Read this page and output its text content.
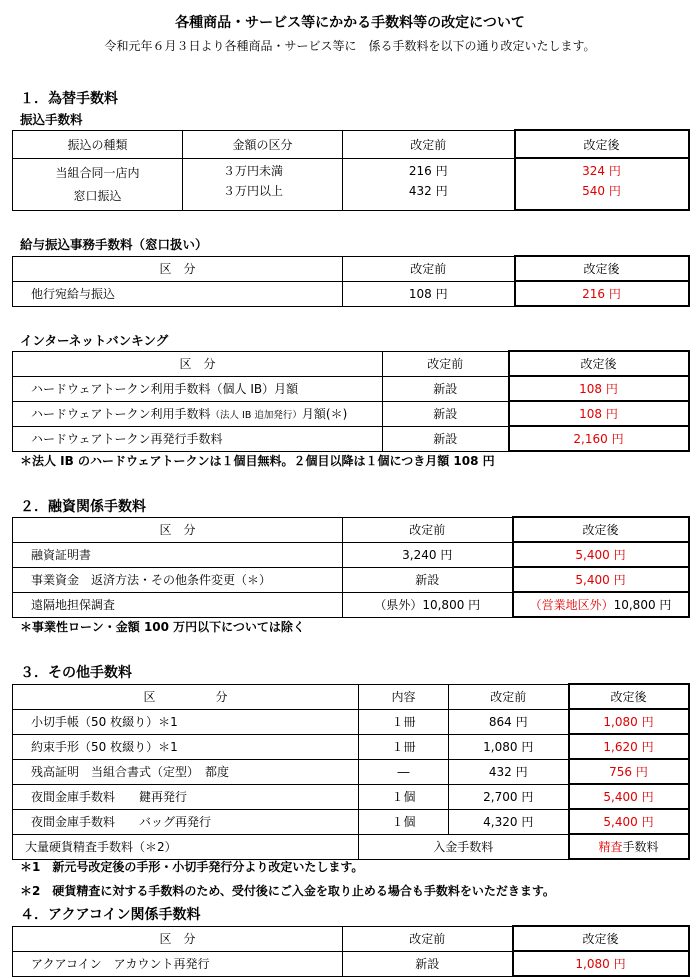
各種商品・サービス等にかかる手数料等の改定について
令和元年６月３日より各種商品・サービス等に　係る手数料を以下の通り改定いたします。
１．為替手数料
振込手数料
振込の種類	金額の区分	改定前	改定後

当組合同一店内
窓口振込	３万円未満	216 円	324 円
	３万円以上	432 円	540 円
給与振込事務手数料（窓口扱い）
区　分	改定前	改定後
他行宛給与振込	108 円	216 円
インターネットバンキング
区　分	改定前	改定後
ハードウェアトークン利用手数料（個人 IB）月額	新設	108 円
ハードウェアトークン利用手数料（法人 IB 追加発行）月額(＊)	新設	108 円
ハードウェアトークン再発行手数料	新設	2,160 円
＊法人 IB のハードウェアトークンは１個目無料。２個目以降は１個につき月額 108 円
２．融資関係手数料
区　分	改定前	改定後
融資証明書	3,240 円	5,400 円
事業資金　返済方法・その他条件変更（＊）	新設	5,400 円
遠隔地担保調査	（県外）10,800 円	（営業地区外）10,800 円
＊事業性ローン・金額 100 万円以下については除く
３．その他手数料
区　　　　　分	内容	改定前	改定後
小切手帳（50 枚綴り）＊1	１冊	864 円	1,080 円
約束手形（50 枚綴り）＊1	１冊	1,080 円	1,620 円
残高証明　当組合書式（定型）　都度	―	432 円	756 円
夜間金庫手数料　　鍵再発行	１個	2,700 円	5,400 円
夜間金庫手数料　　バッグ再発行	１個	4,320 円	5,400 円
大量硬貨精査手数料（＊2）	入金手数料		精査手数料
＊1　新元号改定後の手形・小切手発行分より改定いたします。
＊2　硬貨精査に対する手数料のため、受付後にご入金を取り止める場合も手数料をいただきます。
４．アクアコイン関係手数料
区　分	改定前	改定後
アクアコイン　アカウント再発行	新設	1,080 円
